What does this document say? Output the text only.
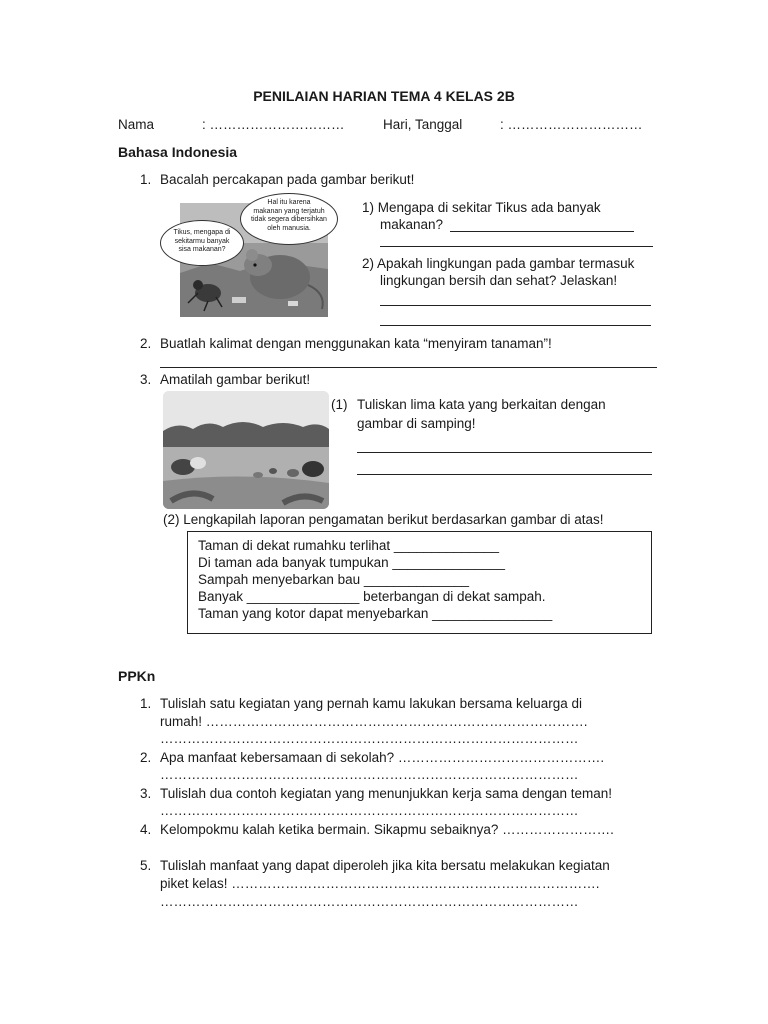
PENILAIAN HARIAN TEMA 4 KELAS 2B
Nama	: …………………………	Hari, Tanggal	: …………………………
Bahasa Indonesia
1. Bacalah percakapan pada gambar berikut!
Hal itu karena
makanan yang terjatuh
tidak segera dibersihkan
oleh manusia.
Tikus, mengapa di
sekitarmu banyak
sisa makanan?
1) Mengapa di sekitar Tikus ada banyak
makanan?
2) Apakah lingkungan pada gambar termasuk
lingkungan bersih dan sehat? Jelaskan!
2. Buatlah kalimat dengan menggunakan kata “menyiram tanaman”!
3. Amatilah gambar berikut!
(1) Tuliskan lima kata yang berkaitan dengan
gambar di samping!
(2) Lengkapilah laporan pengamatan berikut berdasarkan gambar di atas!
Taman di dekat rumahku terlihat ______________
Di taman ada banyak tumpukan _______________
Sampah menyebarkan bau ______________
Banyak _______________ beterbangan di dekat sampah.
Taman yang kotor dapat menyebarkan ________________
PPKn
1. Tulislah satu kegiatan yang pernah kamu lakukan bersama keluarga di
rumah! ………………………………………………………………………….
…………………………………………………………………………………
2. Apa manfaat kebersamaan di sekolah? ……………………………………….
…………………………………………………………………………………
3. Tulislah dua contoh kegiatan yang menunjukkan kerja sama dengan teman!
…………………………………………………………………………………
4. Kelompokmu kalah ketika bermain. Sikapmu sebaiknya? …………………….
5. Tulislah manfaat yang dapat diperoleh jika kita bersatu melakukan kegiatan
piket kelas! ……………………………………………………………………….
…………………………………………………………………………………
